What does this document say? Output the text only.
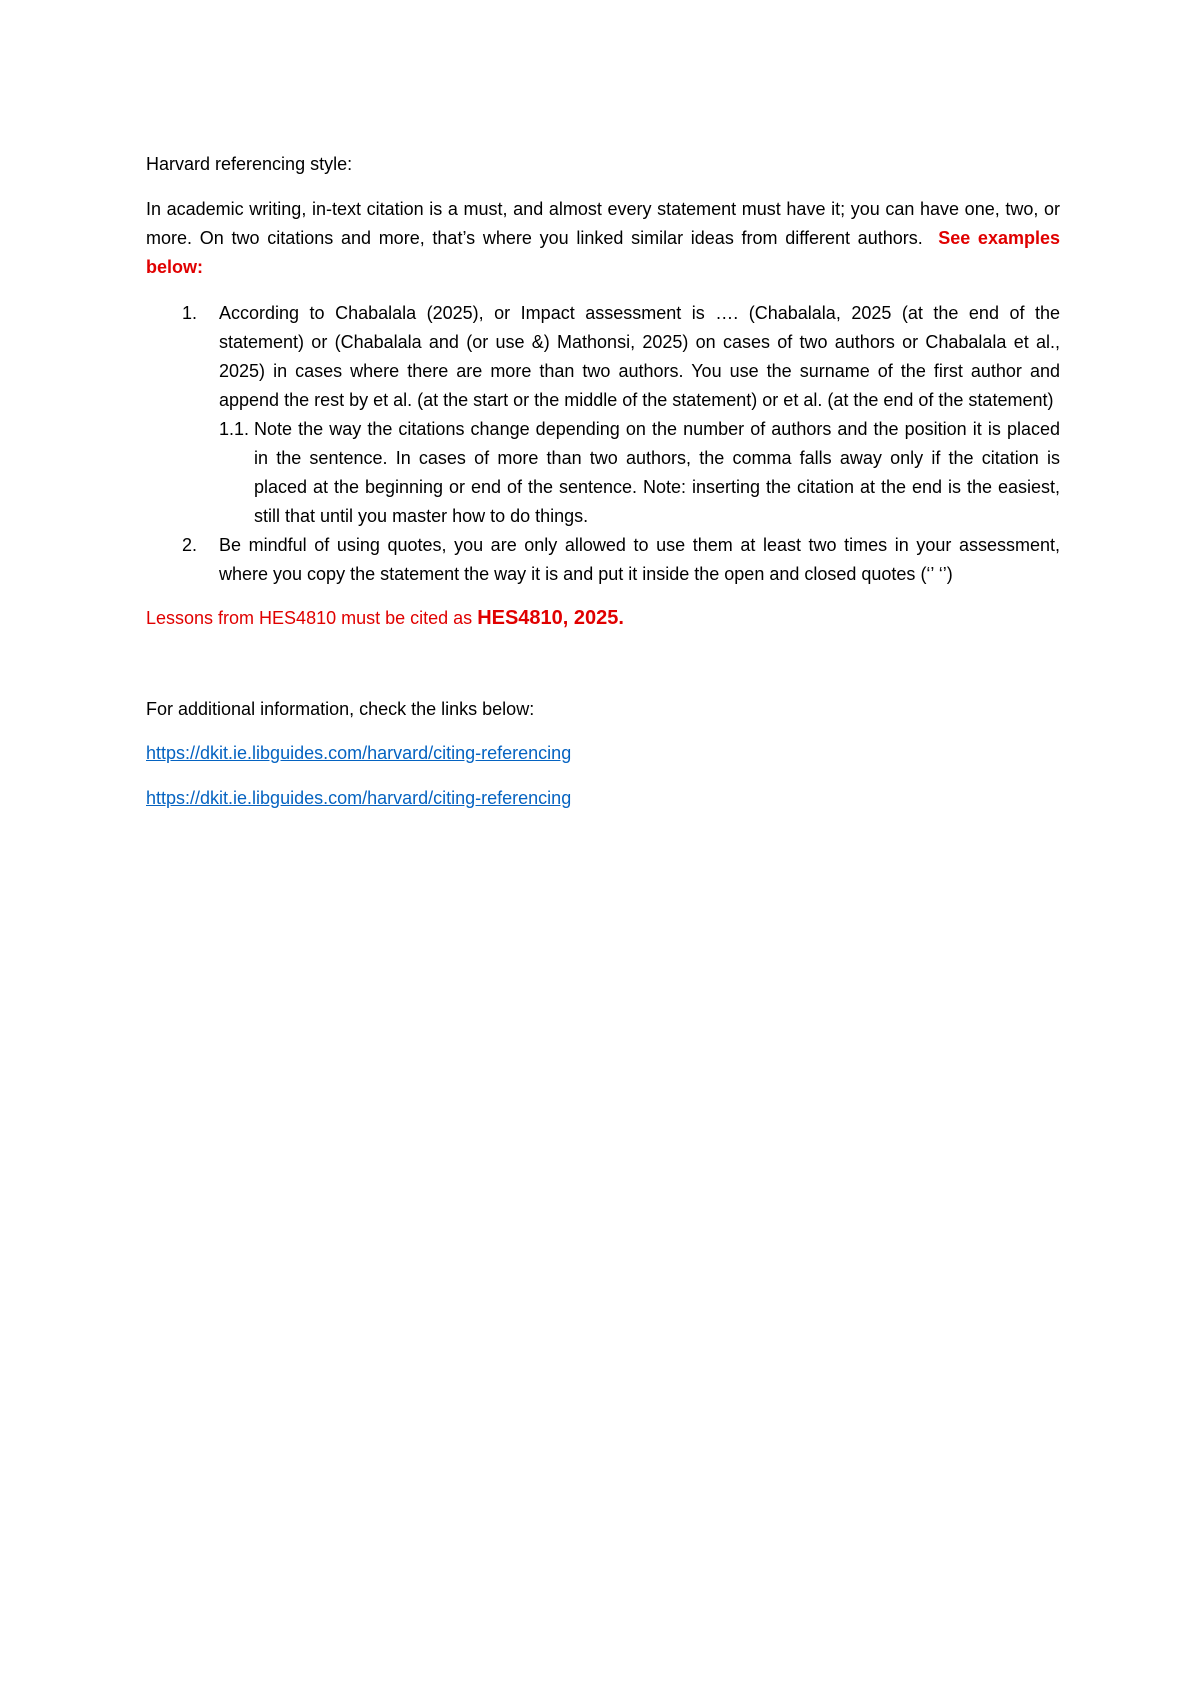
Harvard referencing style:

In academic writing, in-text citation is a must, and almost every statement must have it; you can have one, two, or more. On two citations and more, that’s where you linked similar ideas from different authors. See examples below:

1. According to Chabalala (2025), or Impact assessment is …. (Chabalala, 2025 (at the end of the statement) or (Chabalala and (or use &) Mathonsi, 2025) on cases of two authors or Chabalala et al., 2025) in cases where there are more than two authors. You use the surname of the first author and append the rest by et al. (at the start or the middle of the statement) or et al. (at the end of the statement)
1.1. Note the way the citations change depending on the number of authors and the position it is placed in the sentence. In cases of more than two authors, the comma falls away only if the citation is placed at the beginning or end of the sentence. Note: inserting the citation at the end is the easiest, still that until you master how to do things.
2. Be mindful of using quotes, you are only allowed to use them at least two times in your assessment, where you copy the statement the way it is and put it inside the open and closed quotes (‘’ ‘’)

Lessons from HES4810 must be cited as HES4810, 2025.

For additional information, check the links below:

https://dkit.ie.libguides.com/harvard/citing-referencing

https://dkit.ie.libguides.com/harvard/citing-referencing
